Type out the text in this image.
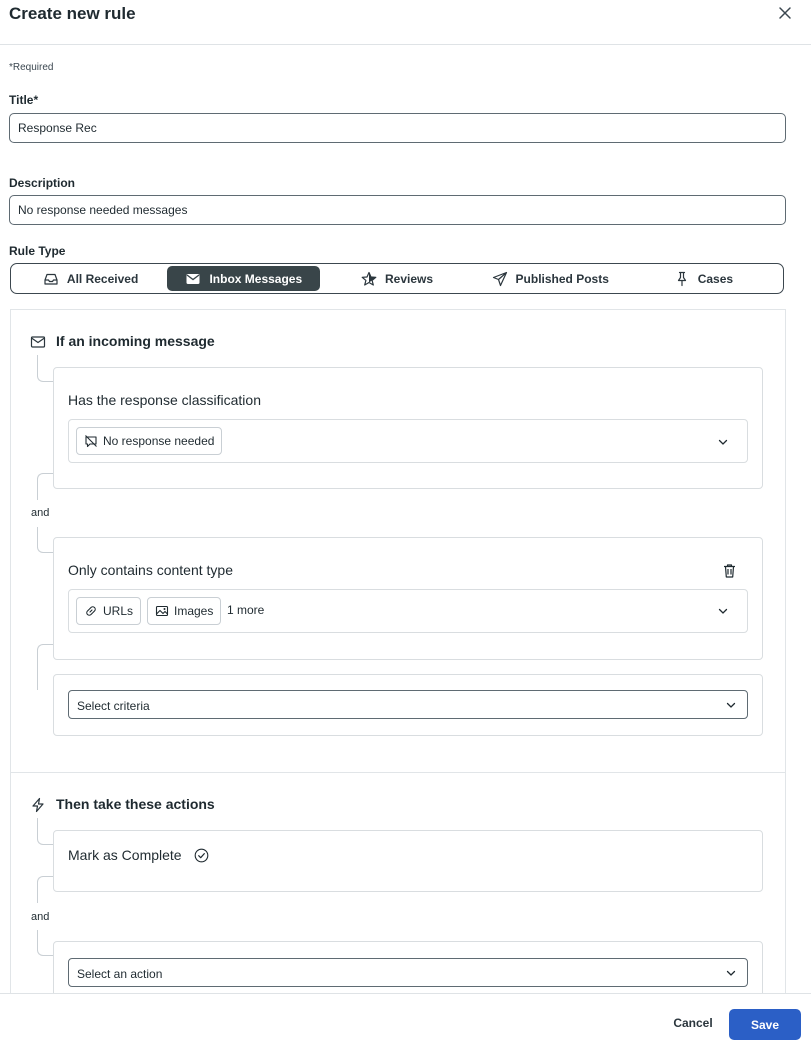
Create new rule
*Required
Title*
Response Rec
Description
No response needed messages
Rule Type
All Received	Inbox Messages	Reviews	Published Posts	Cases
If an incoming message
Has the response classification
No response needed
and
Only contains content type
URLs	Images 1 more
Select criteria
Then take these actions
Mark as Complete
and
Select an action
Cancel	Save
